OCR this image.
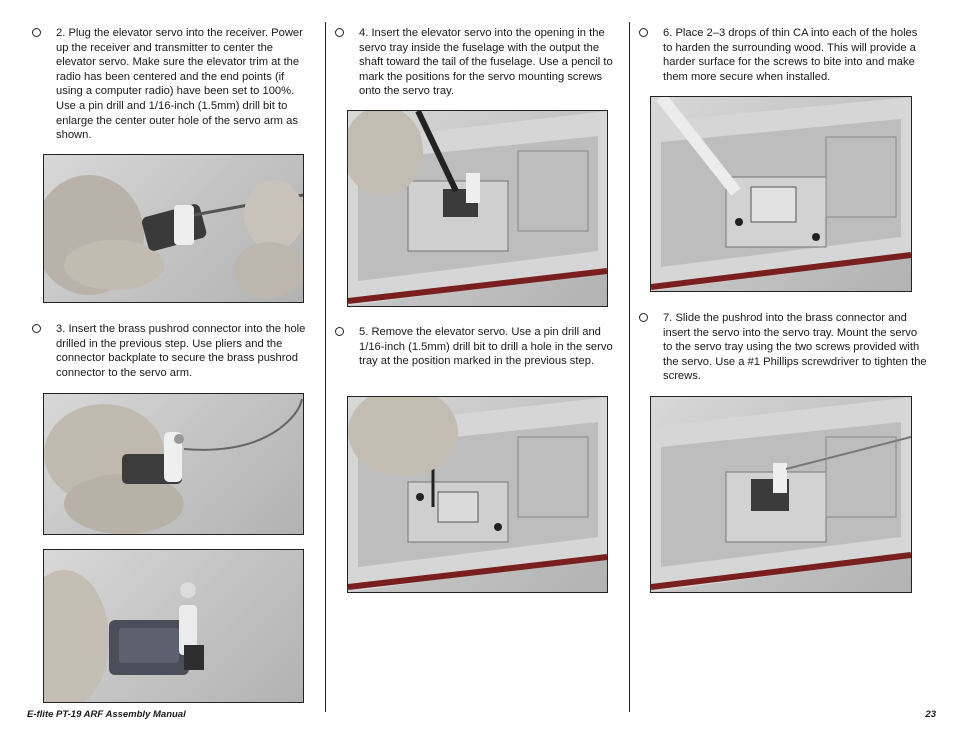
2. Plug the elevator servo into the receiver. Power up the receiver and transmitter to center the elevator servo. Make sure the elevator trim at the radio has been centered and the end points (if using a computer radio) have been set to 100%. Use a pin drill and 1/16-inch (1.5mm) drill bit to enlarge the center outer hole of the servo arm as shown.
3. Insert the brass pushrod connector into the hole drilled in the previous step. Use pliers and the connector backplate to secure the brass pushrod connector to the servo arm.
4. Insert the elevator servo into the opening in the servo tray inside the fuselage with the output the shaft toward the tail of the fuselage. Use a pencil to mark the positions for the servo mounting screws onto the servo tray.
5. Remove the elevator servo. Use a pin drill and 1/16-inch (1.5mm) drill bit to drill a hole in the servo tray at the position marked in the previous step.
6. Place 2–3 drops of thin CA into each of the holes to harden the surrounding wood. This will provide a harder surface for the screws to bite into and make them more secure when installed.
7. Slide the pushrod into the brass connector and insert the servo into the servo tray. Mount the servo to the servo tray using the two screws provided with the servo. Use a #1 Phillips screwdriver to tighten the screws.
E-flite PT-19 ARF Assembly Manual	23
